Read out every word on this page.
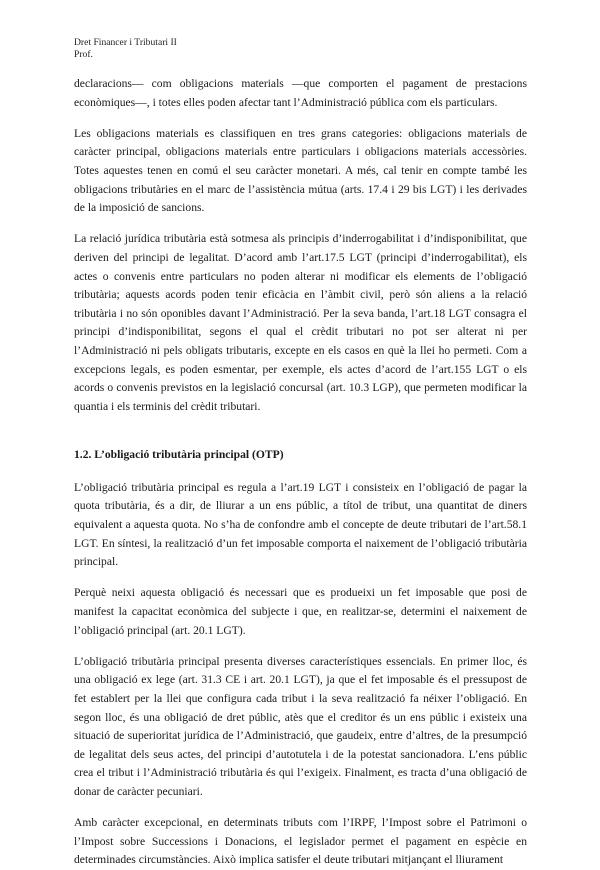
Dret Financer i Tributari II
Prof.

declaracions— com obligacions materials —que comporten el pagament de prestacions econòmiques—, i totes elles poden afectar tant l’Administració pública com els particulars.

Les obligacions materials es classifiquen en tres grans categories: obligacions materials de caràcter principal, obligacions materials entre particulars i obligacions materials accessòries. Totes aquestes tenen en comú el seu caràcter monetari. A més, cal tenir en compte també les obligacions tributàries en el marc de l’assistència mútua (arts. 17.4 i 29 bis LGT) i les derivades de la imposició de sancions.

La relació jurídica tributària està sotmesa als principis d’inderrogabilitat i d’indisponibilitat, que deriven del principi de legalitat. D’acord amb l’art.17.5 LGT (principi d’inderrogabilitat), els actes o convenis entre particulars no poden alterar ni modificar els elements de l’obligació tributària; aquests acords poden tenir eficàcia en l’àmbit civil, però són aliens a la relació tributària i no són oponibles davant l’Administració. Per la seva banda, l’art.18 LGT consagra el principi d’indisponibilitat, segons el qual el crèdit tributari no pot ser alterat ni per l’Administració ni pels obligats tributaris, excepte en els casos en què la llei ho permeti. Com a excepcions legals, es poden esmentar, per exemple, els actes d’acord de l’art.155 LGT o els acords o convenis previstos en la legislació concursal (art. 10.3 LGP), que permeten modificar la quantia i els terminis del crèdit tributari.

1.2. L’obligació tributària principal (OTP)

L’obligació tributària principal es regula a l’art.19 LGT i consisteix en l’obligació de pagar la quota tributària, és a dir, de lliurar a un ens públic, a títol de tribut, una quantitat de diners equivalent a aquesta quota. No s’ha de confondre amb el concepte de deute tributari de l’art.58.1 LGT. En síntesi, la realització d’un fet imposable comporta el naixement de l’obligació tributària principal.

Perquè neixi aquesta obligació és necessari que es produeixi un fet imposable que posi de manifest la capacitat econòmica del subjecte i que, en realitzar-se, determini el naixement de l’obligació principal (art. 20.1 LGT).

L’obligació tributària principal presenta diverses característiques essencials. En primer lloc, és una obligació ex lege (art. 31.3 CE i art. 20.1 LGT), ja que el fet imposable és el pressupost de fet establert per la llei que configura cada tribut i la seva realització fa néixer l’obligació. En segon lloc, és una obligació de dret públic, atès que el creditor és un ens públic i existeix una situació de superioritat jurídica de l’Administració, que gaudeix, entre d’altres, de la presumpció de legalitat dels seus actes, del principi d’autotutela i de la potestat sancionadora. L’ens públic crea el tribut i l’Administració tributària és qui l’exigeix. Finalment, es tracta d’una obligació de donar de caràcter pecuniari.

Amb caràcter excepcional, en determinats tributs com l’IRPF, l’Impost sobre el Patrimoni o l’Impost sobre Successions i Donacions, el legislador permet el pagament en espècie en determinades circumstàncies. Això implica satisfer el deute tributari mitjançant el lliurament
